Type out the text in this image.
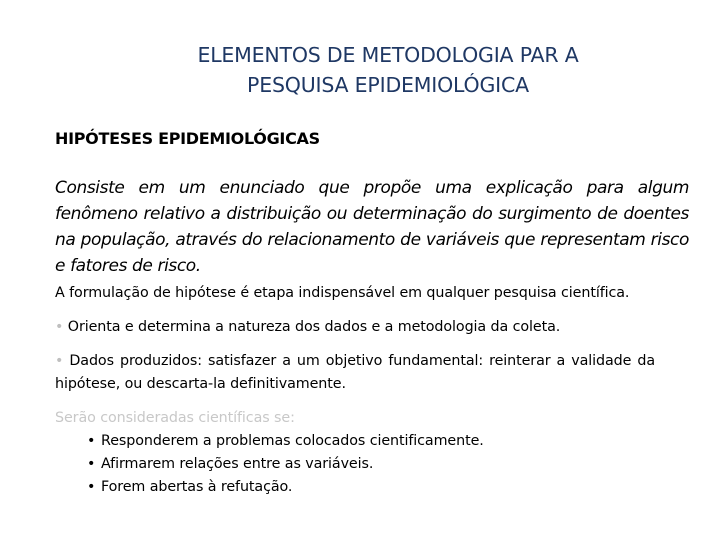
ELEMENTOS DE METODOLOGIA PAR A
PESQUISA EPIDEMIOLÓGICA
HIPÓTESES EPIDEMIOLÓGICAS
Consiste em um enunciado que propõe uma explicação para algum fenômeno relativo a distribuição ou determinação do surgimento de doentes na população, através do relacionamento de variáveis que representam risco e fatores de risco.
A formulação de hipótese é etapa indispensável em qualquer pesquisa científica.
• Orienta e determina a natureza dos dados e a metodologia da coleta.
• Dados produzidos: satisfazer a um objetivo fundamental: reinterar a validade da hipótese, ou descarta-la definitivamente.
Serão consideradas científicas se:
• Responderem a problemas colocados cientificamente.
• Afirmarem relações entre as variáveis.
• Forem abertas à refutação.
